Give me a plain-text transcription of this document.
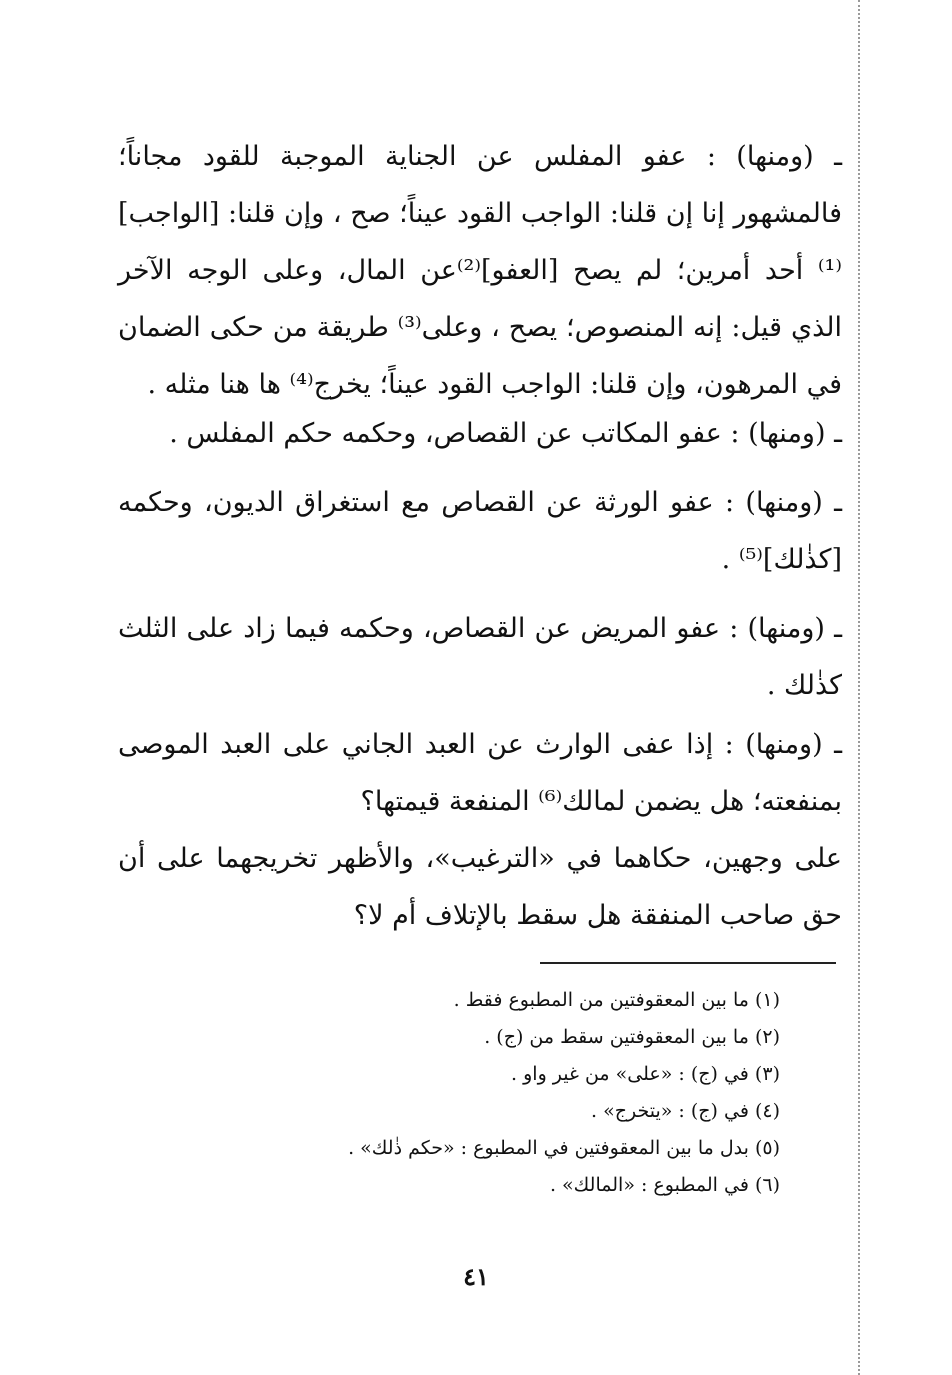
ـ (ومنها) : عفو المفلس عن الجناية الموجبة للقود مجاناً؛ فالمشهور إنا إن قلنا: الواجب القود عيناً؛ صح ، وإن قلنا: [الواجب]⁽¹⁾ أحد أمرين؛ لم يصح [العفو]⁽²⁾عن المال، وعلى الوجه الآخر الذي قيل: إنه المنصوص؛ يصح ، وعلى⁽³⁾ طريقة من حكى الضمان في المرهون، وإن قلنا: الواجب القود عيناً؛ يخرج⁽⁴⁾ ها هنا مثله .

ـ (ومنها) : عفو المكاتب عن القصاص، وحكمه حكم المفلس .

ـ (ومنها) : عفو الورثة عن القصاص مع استغراق الديون، وحكمه [كذٰلك]⁽⁵⁾ .

ـ (ومنها) : عفو المريض عن القصاص، وحكمه فيما زاد على الثلث كذٰلك .

ـ (ومنها) : إذا عفى الوارث عن العبد الجاني على العبد الموصى بمنفعته؛ هل يضمن لمالك⁽⁶⁾ المنفعة قيمتها؟

على وجهين، حكاهما في «الترغيب»، والأظهر تخريجهما على أن حق صاحب المنفقة هل سقط بالإتلاف أم لا؟

(١) ما بين المعقوفتين من المطبوع فقط .
(٢) ما بين المعقوفتين سقط من (ج) .
(٣) في (ج) : «على» من غير واو .
(٤) في (ج) : «يتخرج» .
(٥) بدل ما بين المعقوفتين في المطبوع : «حكم ذٰلك» .
(٦) في المطبوع : «المالك» .
٤١
